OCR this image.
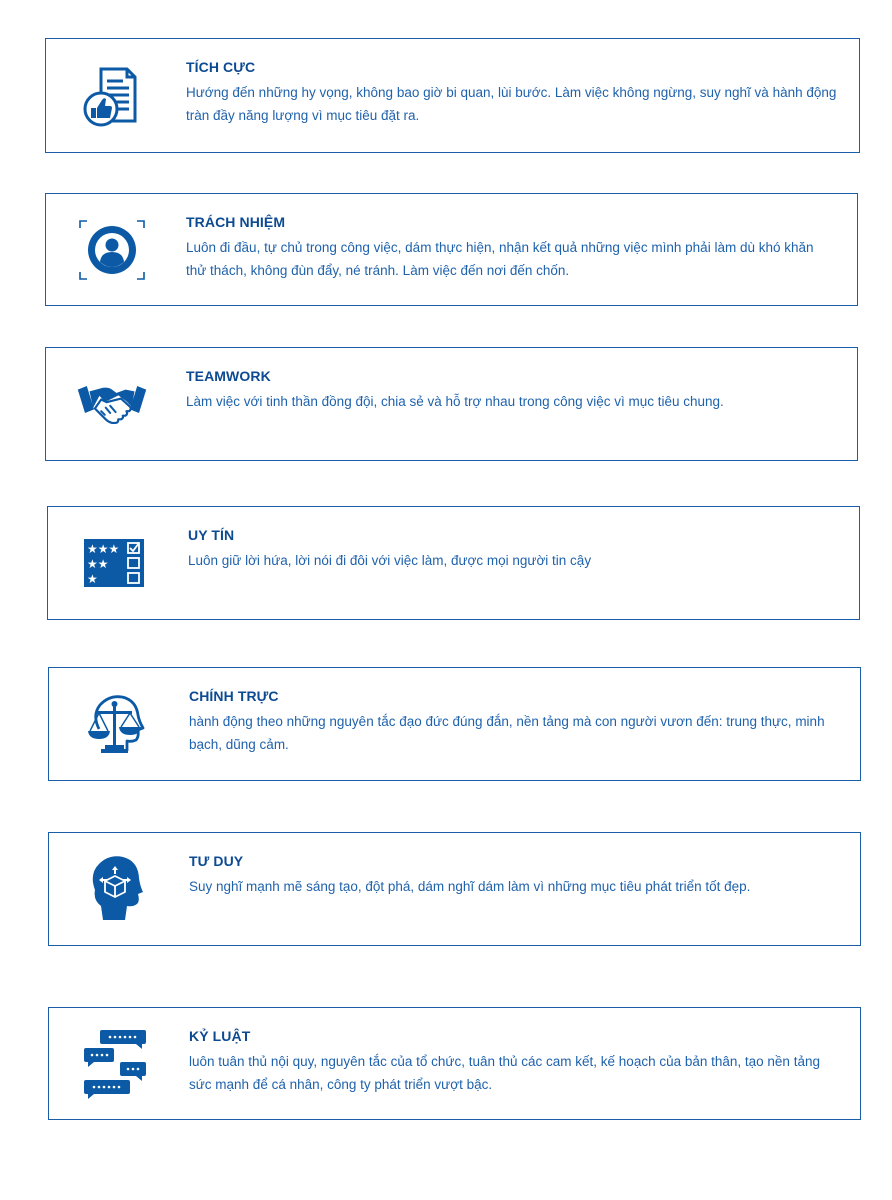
TÍCH CỰC

Hướng đến những hy vọng, không bao giờ bi quan, lùi bước. Làm việc không ngừng, suy nghĩ và hành động tràn đầy năng lượng vì mục tiêu đặt ra.

TRÁCH NHIỆM

Luôn đi đầu, tự chủ trong công việc, dám thực hiện, nhận kết quả những việc mình phải làm dù khó khăn thử thách, không đùn đẩy, né tránh. Làm việc đến nơi đến chốn.

TEAMWORK

Làm việc với tinh thần đồng đội, chia sẻ và hỗ trợ nhau trong công việc vì mục tiêu chung.

★★★
★★
★
UY TÍN

Luôn giữ lời hứa, lời nói đi đôi với việc làm, được mọi người tin cậy

CHÍNH TRỰC

hành động theo những nguyên tắc đạo đức đúng đắn, nền tảng mà con người vươn đến: trung thực, minh bạch, dũng cảm.

TƯ DUY

Suy nghĩ mạnh mẽ sáng tạo, đột phá, dám nghĩ dám làm vì những mục tiêu phát triển tốt đẹp.

KỶ LUẬT

luôn tuân thủ nội quy, nguyên tắc của tổ chức, tuân thủ các cam kết, kế hoạch của bản thân, tạo nền tảng sức mạnh để cá nhân, công ty phát triển vượt bậc.
